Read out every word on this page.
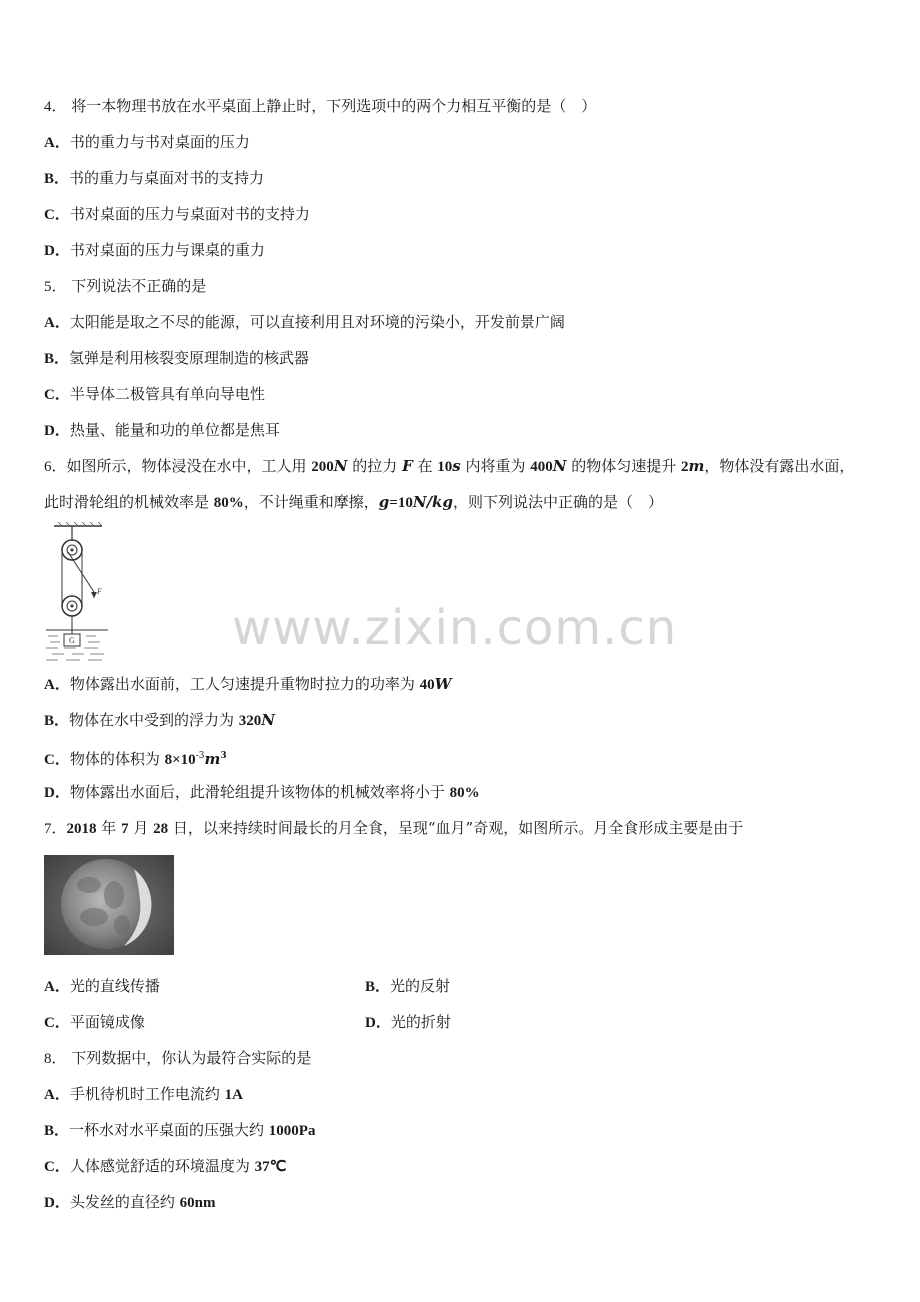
www.zixin.com.cn
4． 将一本物理书放在水平桌面上静止时，下列选项中的两个力相互平衡的是（　）
A．书的重力与书对桌面的压力
B．书的重力与桌面对书的支持力
C．书对桌面的压力与桌面对书的支持力
D．书对桌面的压力与课桌的重力
5． 下列说法不正确的是
A．太阳能是取之不尽的能源，可以直接利用且对环境的污染小，开发前景广阔
B．氢弹是利用核裂变原理制造的核武器
C．半导体二极管具有单向导电性
D．热量、能量和功的单位都是焦耳
6．如图所示，物体浸没在水中，工人用 200N 的拉力 F 在 10s 内将重为 400N 的物体匀速提升 2m，物体没有露出水面，
此时滑轮组的机械效率是 80%，不计绳重和摩擦，g=10N/kg，则下列说法中正确的是（　）
F
G
A．物体露出水面前，工人匀速提升重物时拉力的功率为 40W
B．物体在水中受到的浮力为 320N
C．物体的体积为 $8\times 10^{-3}m^3$
D．物体露出水面后，此滑轮组提升该物体的机械效率将小于 80%
7．2018 年 7 月 28 日，以来持续时间最长的月全食，呈现“血月”奇观，如图所示。月全食形成主要是由于
A．光的直线传播	B．光的反射
C．平面镜成像	D．光的折射
8． 下列数据中，你认为最符合实际的是
A．手机待机时工作电流约 1A
B．一杯水对水平桌面的压强大约 1000Pa
C．人体感觉舒适的环境温度为 37℃
D．头发丝的直径约 60nm
